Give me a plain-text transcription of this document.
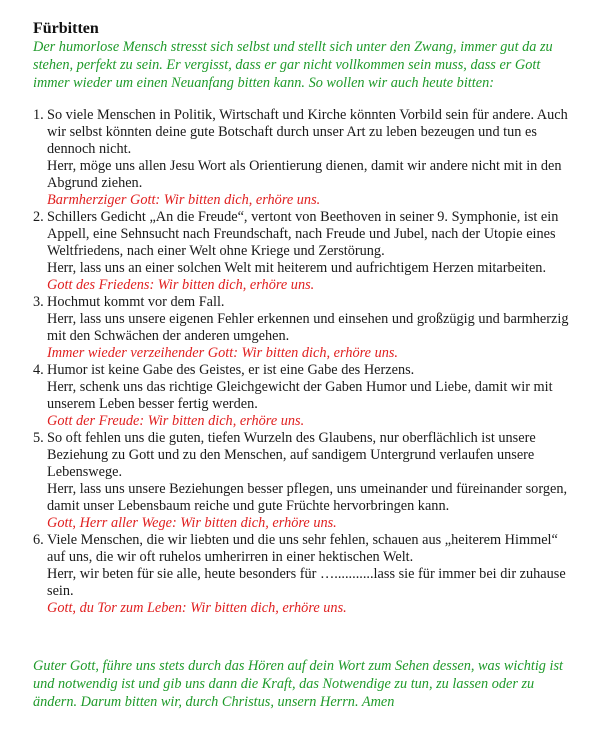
Fürbitten

Der humorlose Mensch stresst sich selbst und stellt sich unter den Zwang, immer gut da zu stehen, perfekt zu sein. Er vergisst, dass er gar nicht vollkommen sein muss, dass er Gott immer wieder um einen Neuanfang bitten kann. So wollen wir auch heute bitten:

1. So viele Menschen in Politik, Wirtschaft und Kirche könnten Vorbild sein für andere. Auch wir selbst könnten deine gute Botschaft durch unser Art zu leben bezeugen und tun es dennoch nicht.

Herr, möge uns allen Jesu Wort als Orientierung dienen, damit wir andere nicht mit in den Abgrund ziehen.

Barmherziger Gott: Wir bitten dich, erhöre uns.

2. Schillers Gedicht „An die Freude“, vertont von Beethoven in seiner 9. Symphonie, ist ein Appell, eine Sehnsucht nach Freundschaft, nach Freude und Jubel, nach der Utopie eines Weltfriedens, nach einer Welt ohne Kriege und Zerstörung.

Herr, lass uns an einer solchen Welt mit heiterem und aufrichtigem Herzen mitarbeiten.

Gott des Friedens: Wir bitten dich, erhöre uns.

3. Hochmut kommt vor dem Fall.

Herr, lass uns unsere eigenen Fehler erkennen und einsehen und großzügig und barmherzig mit den Schwächen der anderen umgehen.

Immer wieder verzeihender Gott: Wir bitten dich, erhöre uns.

4. Humor ist keine Gabe des Geistes, er ist eine Gabe des Herzens.

Herr, schenk uns das richtige Gleichgewicht der Gaben Humor und Liebe, damit wir mit unserem Leben besser fertig werden.

Gott der Freude: Wir bitten dich, erhöre uns.

5. So oft fehlen uns die guten, tiefen Wurzeln des Glaubens, nur oberflächlich ist unsere Beziehung zu Gott und zu den Menschen, auf sandigem Untergrund verlaufen unsere Lebenswege.

Herr, lass uns unsere Beziehungen besser pflegen, uns umeinander und füreinander sorgen, damit unser Lebensbaum reiche und gute Früchte hervorbringen kann.

Gott, Herr aller Wege: Wir bitten dich, erhöre uns.

6. Viele Menschen, die wir liebten und die uns sehr fehlen, schauen aus „heiterem Himmel“ auf uns, die wir oft ruhelos umherirren in einer hektischen Welt.

Herr, wir beten für sie alle, heute besonders für …...........lass sie für immer bei dir zuhause sein.

Gott, du Tor zum Leben: Wir bitten dich, erhöre uns.

Guter Gott, führe uns stets durch das Hören auf dein Wort zum Sehen dessen, was wichtig ist und notwendig ist und gib uns dann die Kraft, das Notwendige zu tun, zu lassen oder zu ändern. Darum bitten wir, durch Christus, unsern Herrn. Amen
